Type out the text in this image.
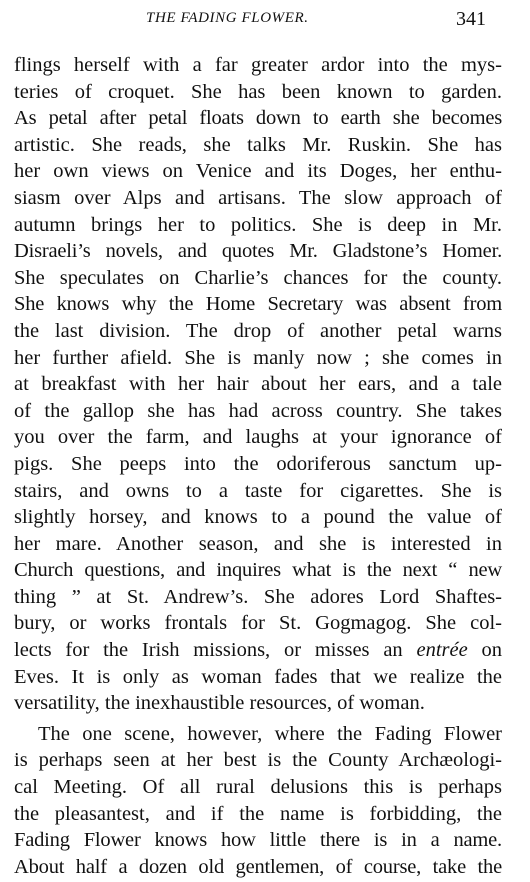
THE FADING FLOWER.	341
flings herself with a far greater ardor into the mys-
teries of croquet. She has been known to garden.
As petal after petal floats down to earth she becomes
artistic. She reads, she talks Mr. Ruskin. She has
her own views on Venice and its Doges, her enthu-
siasm over Alps and artisans. The slow approach of
autumn brings her to politics. She is deep in Mr.
Disraeli’s novels, and quotes Mr. Gladstone’s Homer.
She speculates on Charlie’s chances for the county.
She knows why the Home Secretary was absent from
the last division. The drop of another petal warns
her further afield. She is manly now ; she comes in
at breakfast with her hair about her ears, and a tale
of the gallop she has had across country. She takes
you over the farm, and laughs at your ignorance of
pigs. She peeps into the odoriferous sanctum up-
stairs, and owns to a taste for cigarettes. She is
slightly horsey, and knows to a pound the value of
her mare. Another season, and she is interested in
Church questions, and inquires what is the next “ new
thing ” at St. Andrew’s. She adores Lord Shaftes-
bury, or works frontals for St. Gogmagog. She col-
lects for the Irish missions, or misses an entrée on
Eves. It is only as woman fades that we realize the
versatility, the inexhaustible resources, of woman.
The one scene, however, where the Fading Flower
is perhaps seen at her best is the County Archæologi-
cal Meeting. Of all rural delusions this is perhaps
the pleasantest, and if the name is forbidding, the
Fading Flower knows how little there is in a name.
About half a dozen old gentlemen, of course, take the
